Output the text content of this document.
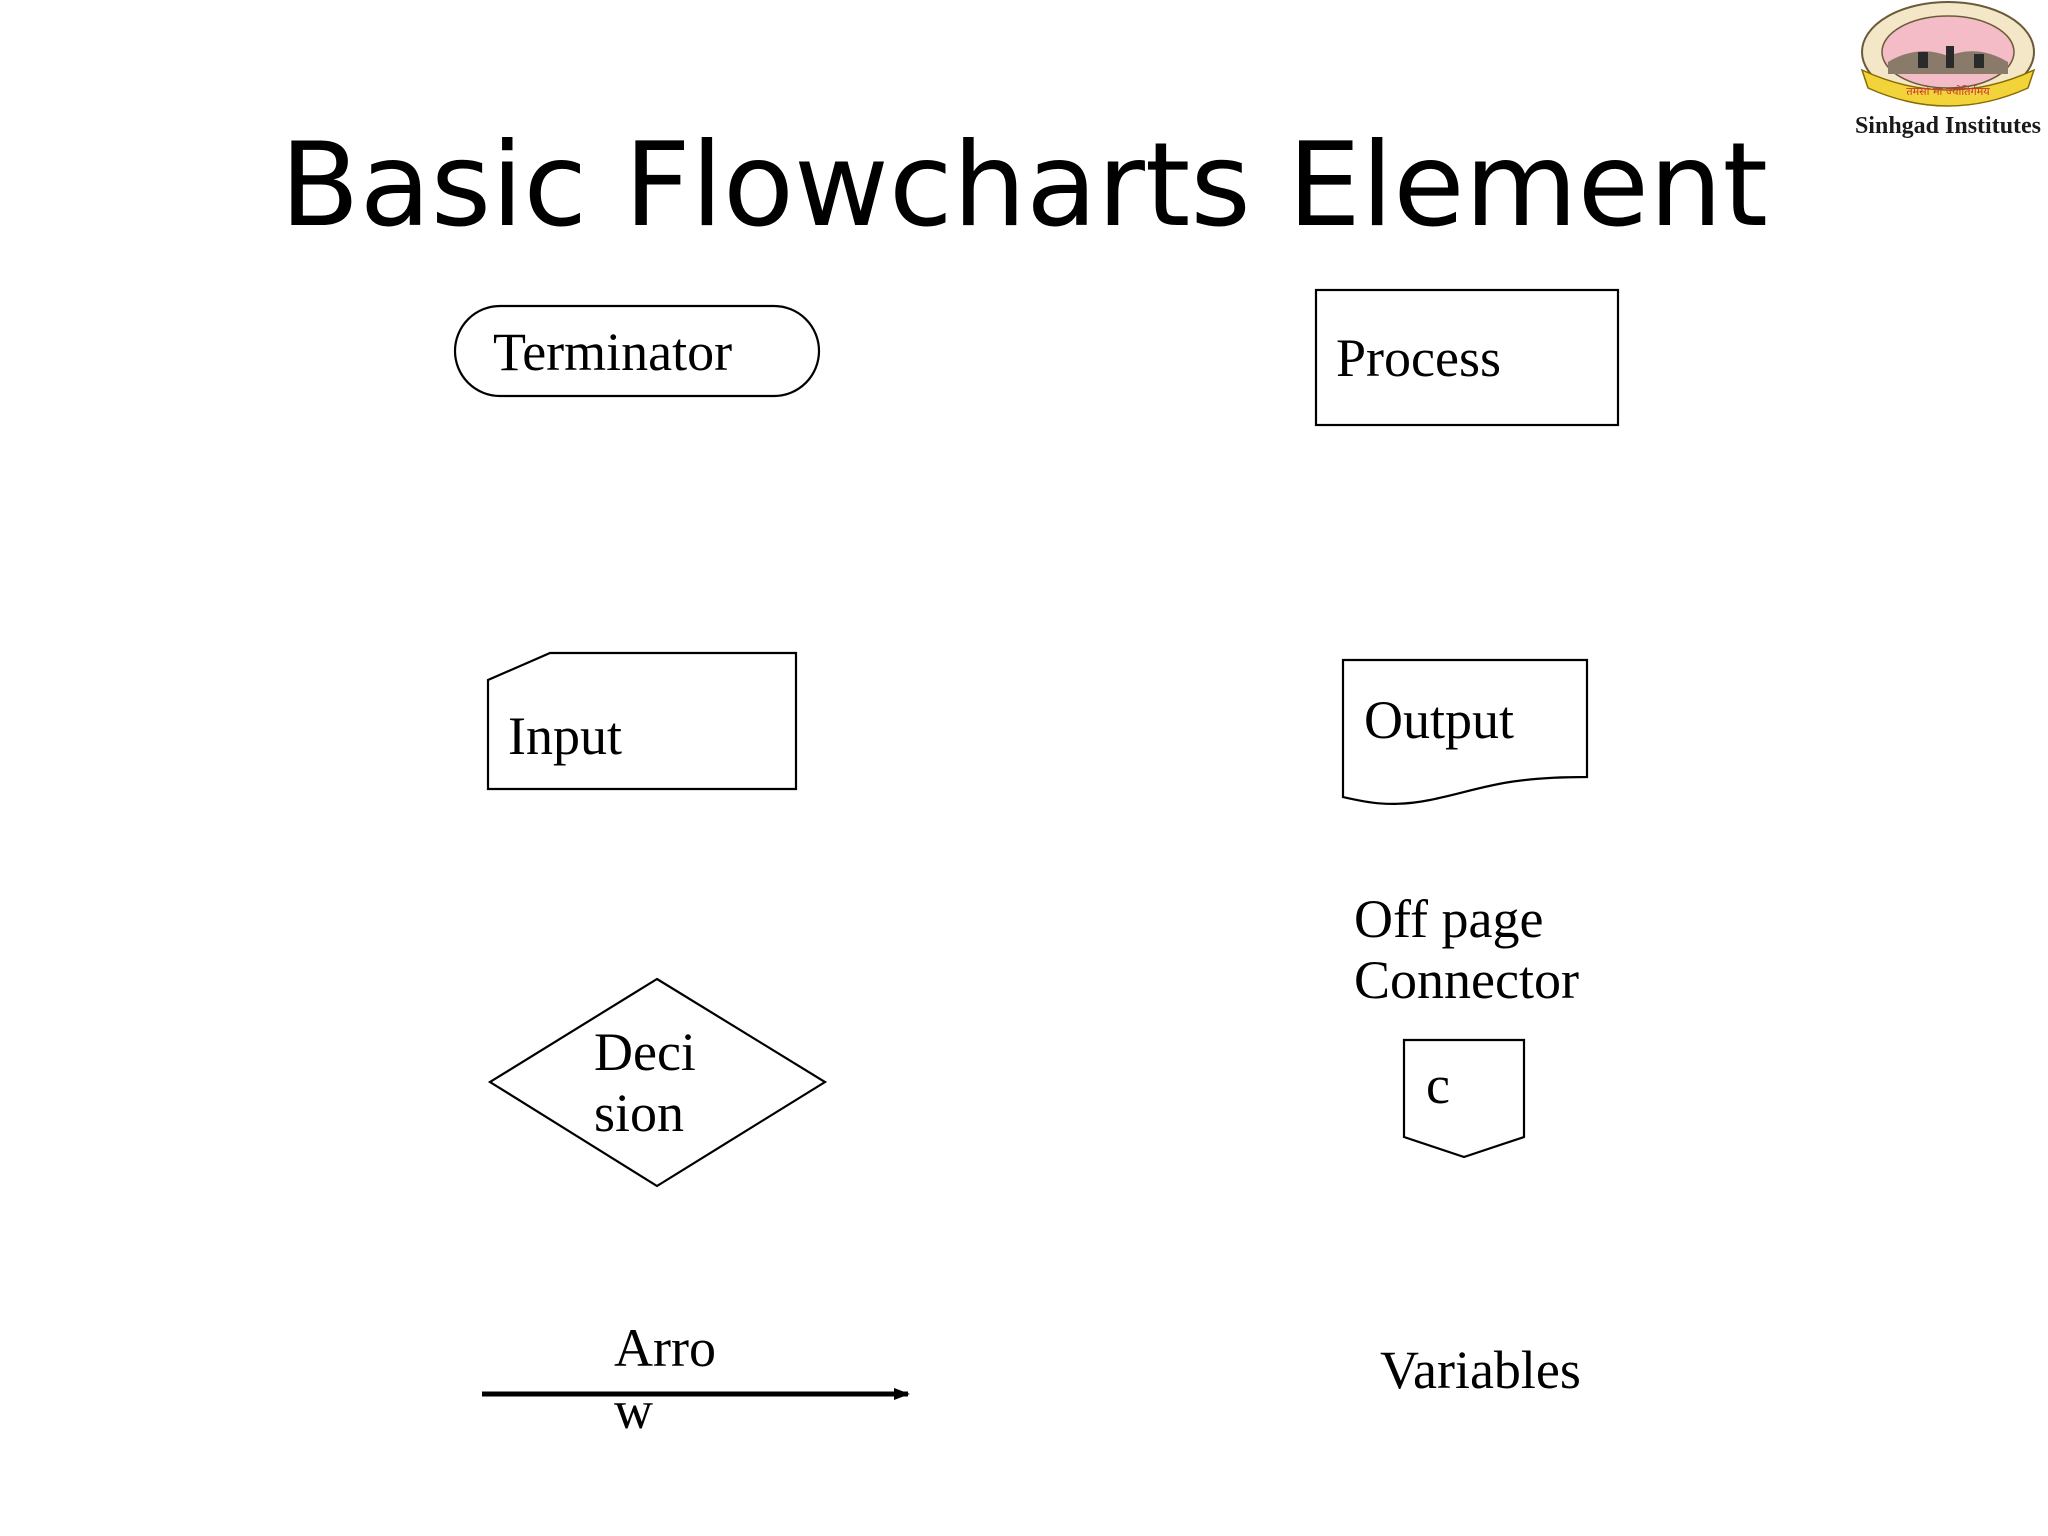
Basic Flowcharts Element
Terminator	Process
Input	Output
Off page
Connector
c
Deci
sion
Arro
w
Variables
तमसो मा ज्योतिर्गमय
Sinhgad Institutes
